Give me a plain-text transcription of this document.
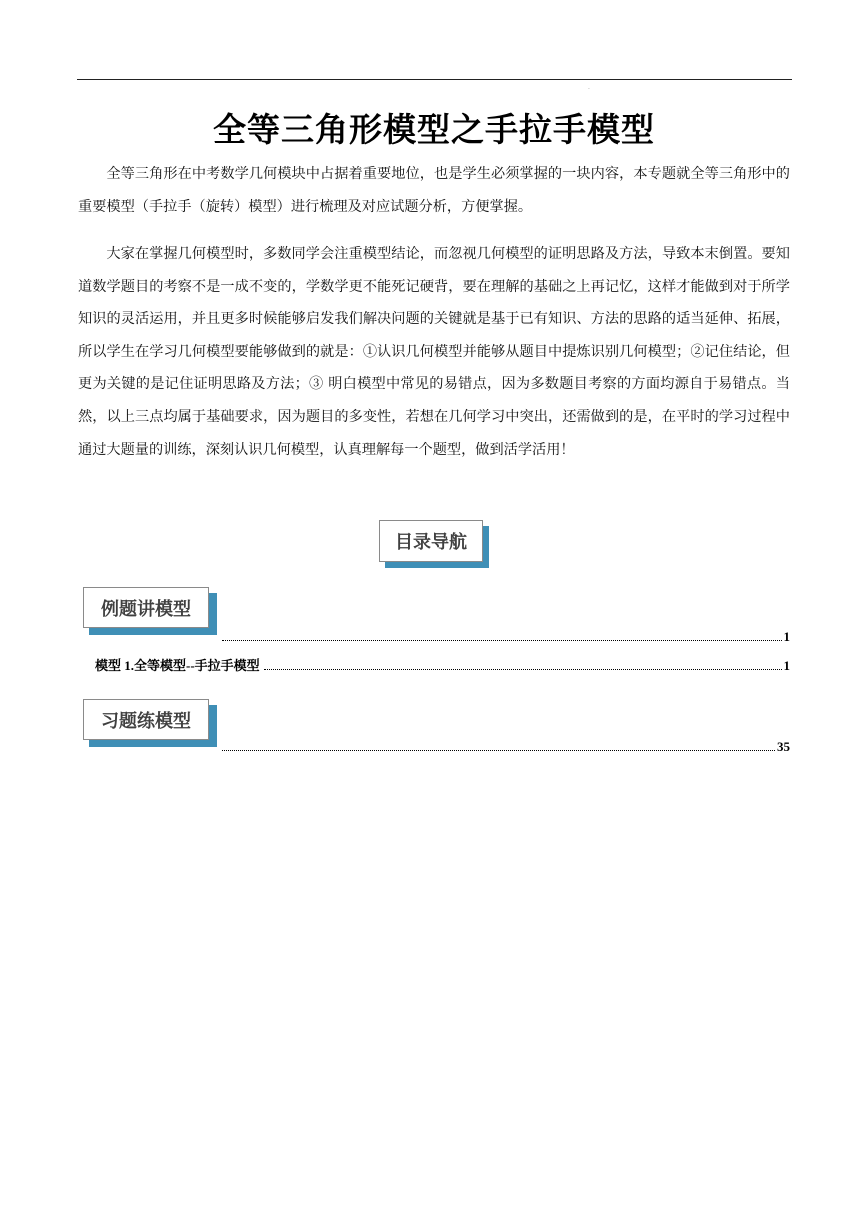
·
全等三角形模型之手拉手模型

全等三角形在中考数学几何模块中占据着重要地位，也是学生必须掌握的一块内容，本专题就全等三角形中的重要模型（手拉手（旋转）模型）进行梳理及对应试题分析，方便掌握。

大家在掌握几何模型时，多数同学会注重模型结论，而忽视几何模型的证明思路及方法，导致本末倒置。要知道数学题目的考察不是一成不变的，学数学更不能死记硬背，要在理解的基础之上再记忆，这样才能做到对于所学知识的灵活运用，并且更多时候能够启发我们解决问题的关键就是基于已有知识、方法的思路的适当延伸、拓展，所以学生在学习几何模型要能够做到的就是：①认识几何模型并能够从题目中提炼识别几何模型；②记住结论，但更为关键的是记住证明思路及方法；③ 明白模型中常见的易错点，因为多数题目考察的方面均源自于易错点。当然，以上三点均属于基础要求，因为题目的多变性，若想在几何学习中突出，还需做到的是，在平时的学习过程中通过大题量的训练，深刻认识几何模型，认真理解每一个题型，做到活学活用！

目录导航
例题讲模型
1
模型 1.全等模型--手拉手模型	1
习题练模型
35
